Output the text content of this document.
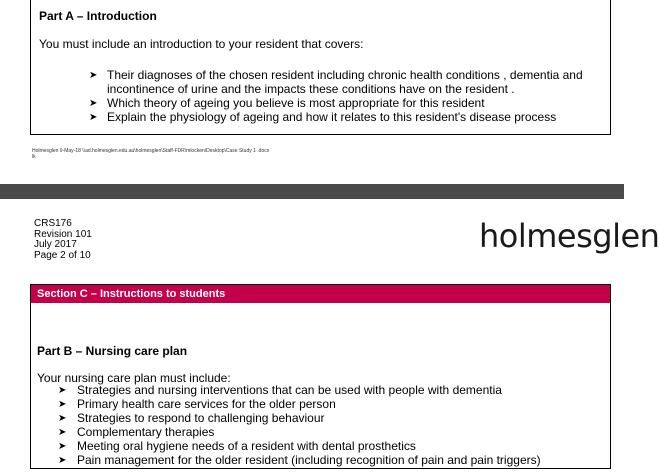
Part A – Introduction
You must include an introduction to your resident that covers:
➤ Their diagnoses of the chosen resident including chronic health conditions , dementia and
incontinence of urine and the impacts these conditions have on the resident .
➤ Which theory of ageing you believe is most appropriate for this resident
➤ Explain the physiology of ageing and how it relates to this resident's disease process
Holmesglen 9-May-18 \\ad.holmesglen.edu.au\holmesglen\Staff-FDR\mlocken\Desktop\Case Study 1 .docx
lk
CRS176
Revision 101
July 2017
Page 2 of 10	holmesglen
Section C – Instructions to students
Part B – Nursing care plan
Your nursing care plan must include:
➤ Strategies and nursing interventions that can be used with people with dementia
➤ Primary health care services for the older person
➤ Strategies to respond to challenging behaviour
➤ Complementary therapies
➤ Meeting oral hygiene needs of a resident with dental prosthetics
➤ Pain management for the older resident (including recognition of pain and pain triggers)
